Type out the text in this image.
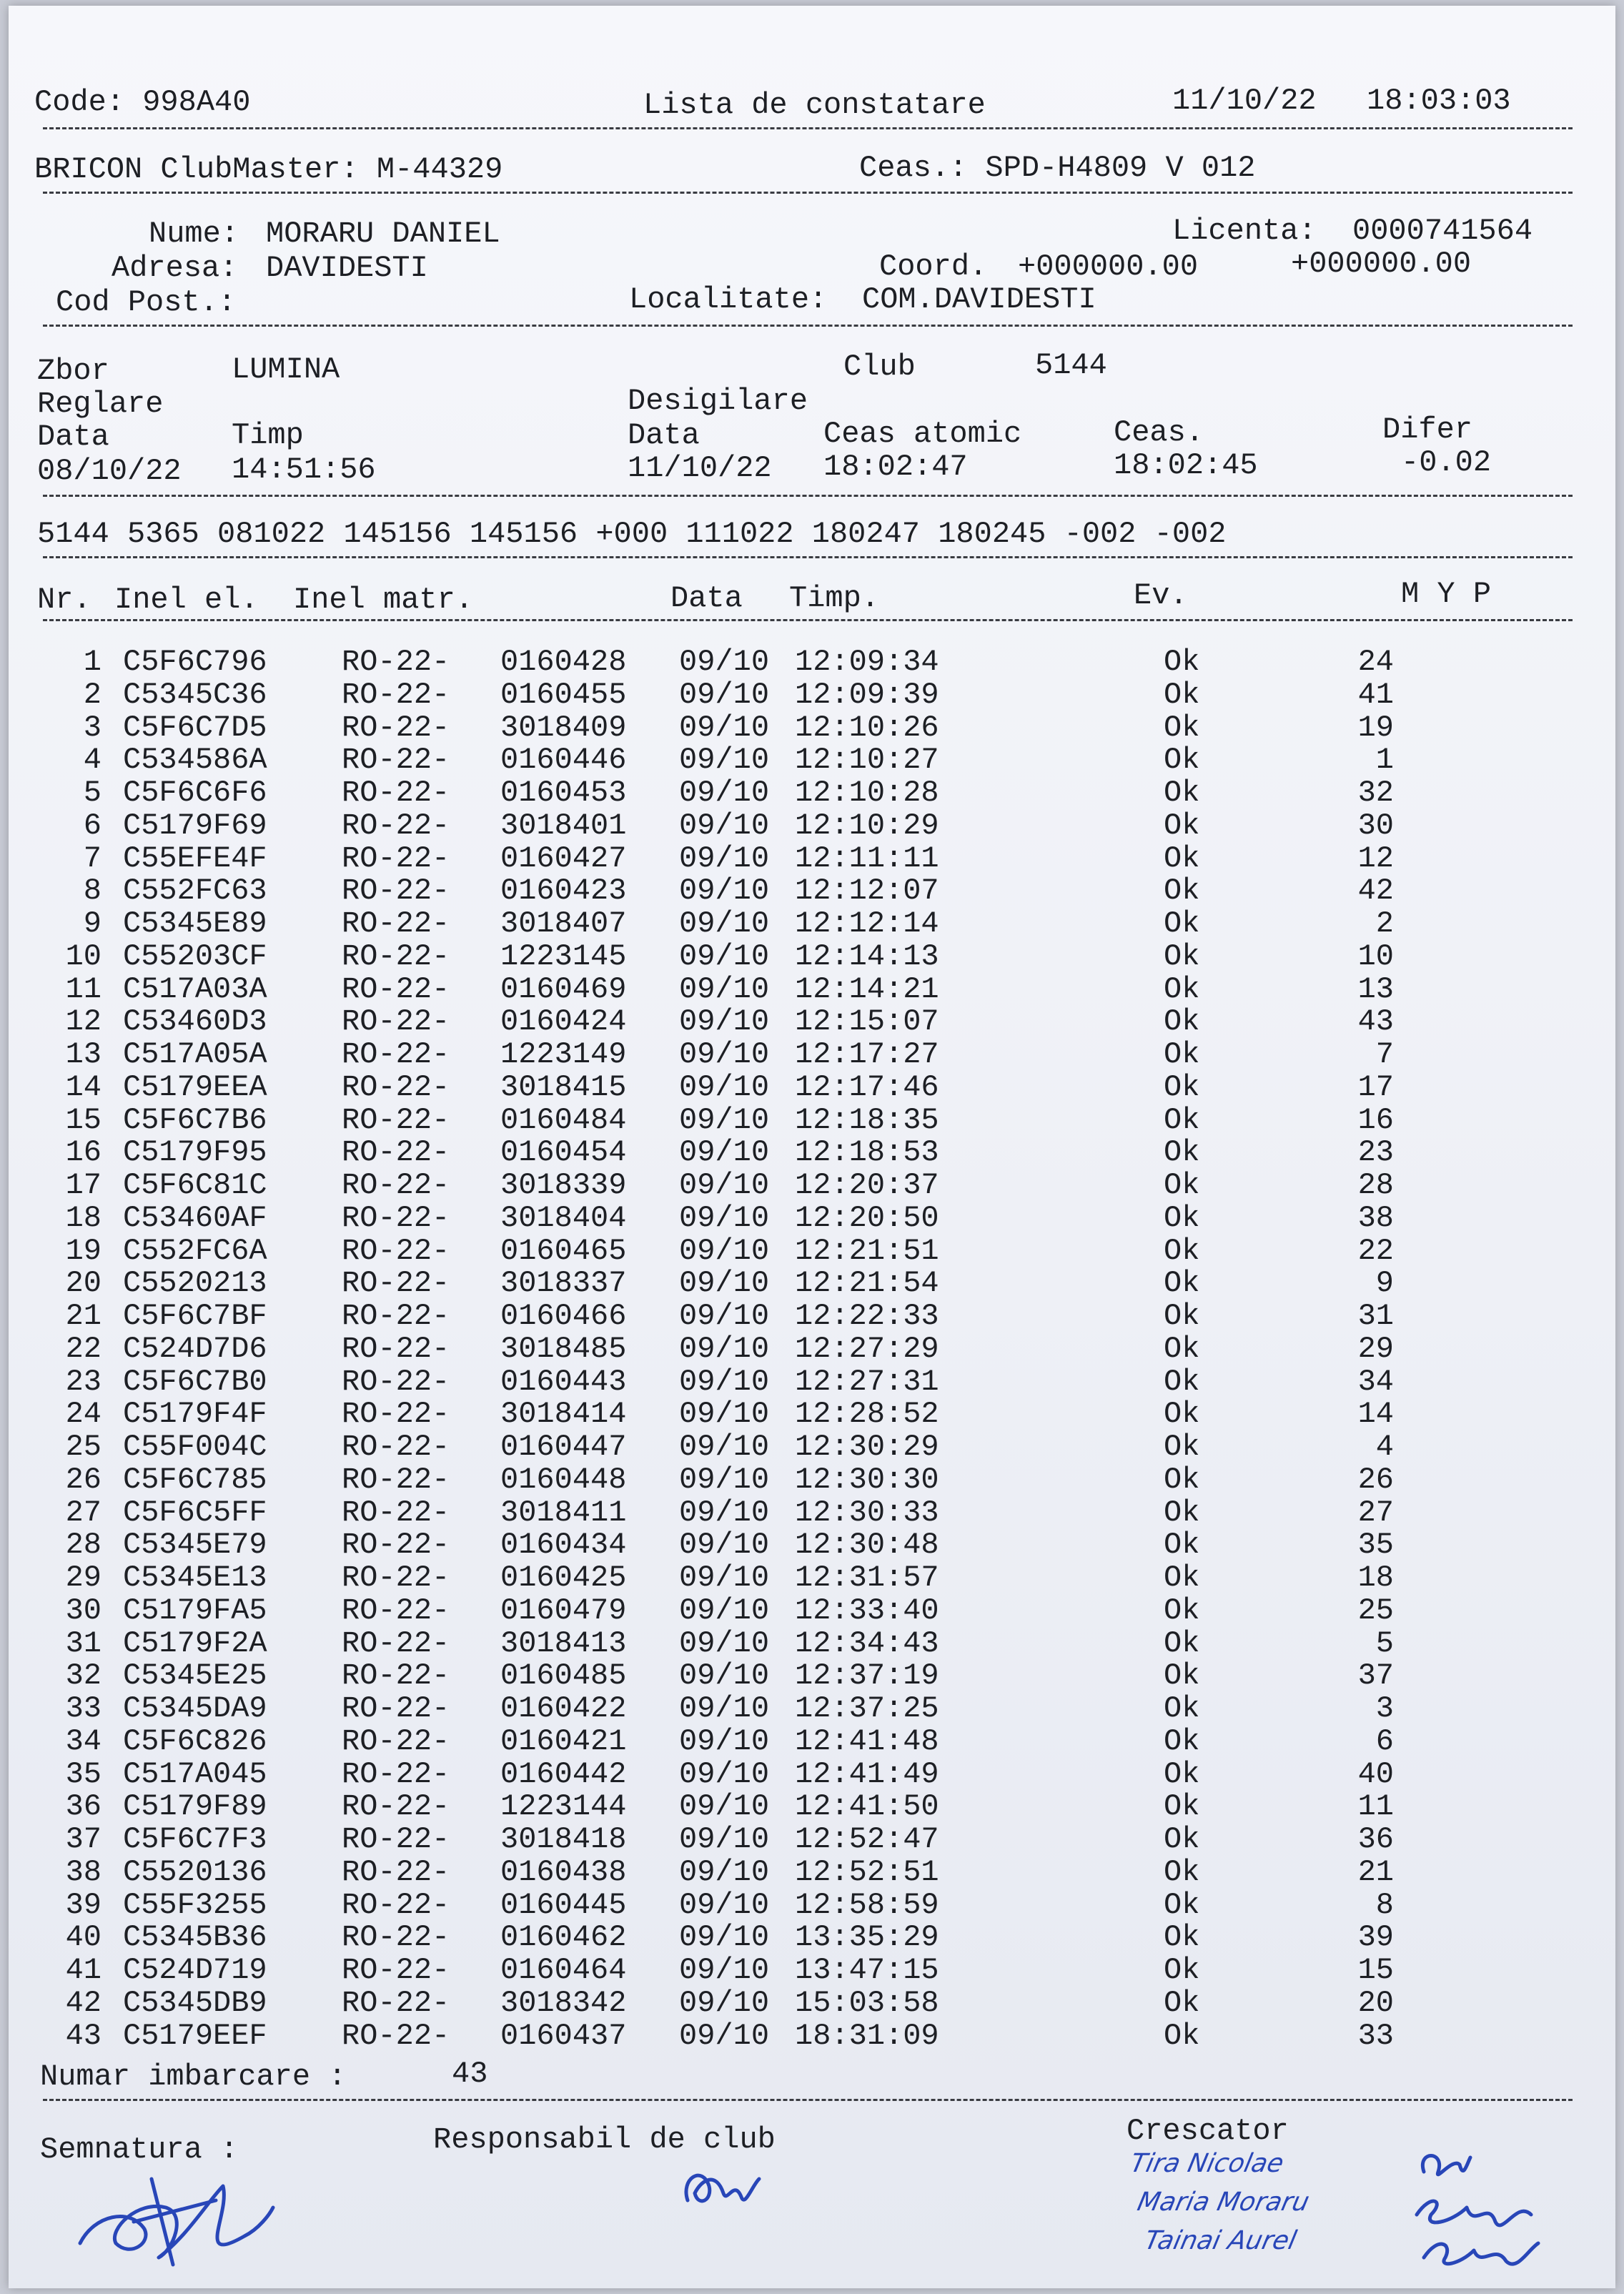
Code: 998A40	Lista de constatare	11/10/22 18:03:03
BRICON ClubMaster: M-44329	Ceas.: SPD-H4809 V 012
Nume: MORARU DANIEL	Licenta: 0000741564
Adresa: DAVIDESTI	Coord. +000000.00	+000000.00
Cod Post.:	Localitate: COM.DAVIDESTI
Zbor	LUMINA	Club	5144
Reglare	Desigilare
Data	Timp	Data	Ceas atomic	Ceas.	Difer
08/10/22 14:51:56	11/10/22 18:02:47	18:02:45	-0.02
5144 5365 081022 145156 145156 +000 111022 180247 180245 -002 -002
Nr. Inel el. Inel matr.	Data Timp.	Ev.	M Y P
1 C5F6C796 RO-22- 0160428 09/10 12:09:34	Ok	24
2 C5345C36 RO-22- 0160455 09/10 12:09:39	Ok	41
3 C5F6C7D5 RO-22- 3018409 09/10 12:10:26	Ok	19
4 C534586A RO-22- 0160446 09/10 12:10:27	Ok	1
5 C5F6C6F6 RO-22- 0160453 09/10 12:10:28	Ok	32
6 C5179F69 RO-22- 3018401 09/10 12:10:29	Ok	30
7 C55EFE4F RO-22- 0160427 09/10 12:11:11	Ok	12
8 C552FC63 RO-22- 0160423 09/10 12:12:07	Ok	42
9 C5345E89 RO-22- 3018407 09/10 12:12:14	Ok	2
10 C55203CF RO-22- 1223145 09/10 12:14:13	Ok	10
11 C517A03A RO-22- 0160469 09/10 12:14:21	Ok	13
12 C53460D3 RO-22- 0160424 09/10 12:15:07	Ok	43
13 C517A05A RO-22- 1223149 09/10 12:17:27	Ok	7
14 C5179EEA RO-22- 3018415 09/10 12:17:46	Ok	17
15 C5F6C7B6 RO-22- 0160484 09/10 12:18:35	Ok	16
16 C5179F95 RO-22- 0160454 09/10 12:18:53	Ok	23
17 C5F6C81C RO-22- 3018339 09/10 12:20:37	Ok	28
18 C53460AF RO-22- 3018404 09/10 12:20:50	Ok	38
19 C552FC6A RO-22- 0160465 09/10 12:21:51	Ok	22
20 C5520213 RO-22- 3018337 09/10 12:21:54	Ok	9
21 C5F6C7BF RO-22- 0160466 09/10 12:22:33	Ok	31
22 C524D7D6 RO-22- 3018485 09/10 12:27:29	Ok	29
23 C5F6C7B0 RO-22- 0160443 09/10 12:27:31	Ok	34
24 C5179F4F RO-22- 3018414 09/10 12:28:52	Ok	14
25 C55F004C RO-22- 0160447 09/10 12:30:29	Ok	4
26 C5F6C785 RO-22- 0160448 09/10 12:30:30	Ok	26
27 C5F6C5FF RO-22- 3018411 09/10 12:30:33	Ok	27
28 C5345E79 RO-22- 0160434 09/10 12:30:48	Ok	35
29 C5345E13 RO-22- 0160425 09/10 12:31:57	Ok	18
30 C5179FA5 RO-22- 0160479 09/10 12:33:40	Ok	25
31 C5179F2A RO-22- 3018413 09/10 12:34:43	Ok	5
32 C5345E25 RO-22- 0160485 09/10 12:37:19	Ok	37
33 C5345DA9 RO-22- 0160422 09/10 12:37:25	Ok	3
34 C5F6C826 RO-22- 0160421 09/10 12:41:48	Ok	6
35 C517A045 RO-22- 0160442 09/10 12:41:49	Ok	40
36 C5179F89 RO-22- 1223144 09/10 12:41:50	Ok	11
37 C5F6C7F3 RO-22- 3018418 09/10 12:52:47	Ok	36
38 C5520136 RO-22- 0160438 09/10 12:52:51	Ok	21
39 C55F3255 RO-22- 0160445 09/10 12:58:59	Ok	8
40 C5345B36 RO-22- 0160462 09/10 13:35:29	Ok	39
41 C524D719 RO-22- 0160464 09/10 13:47:15	Ok	15
42 C5345DB9 RO-22- 3018342 09/10 15:03:58	Ok	20
43 C5179EEF RO-22- 0160437 09/10 18:31:09	Ok	33
Numar imbarcare :	43
Semnatura :	Responsabil de club	Crescator
Tira Nicolae
Maria Moraru
Tainai Aurel
